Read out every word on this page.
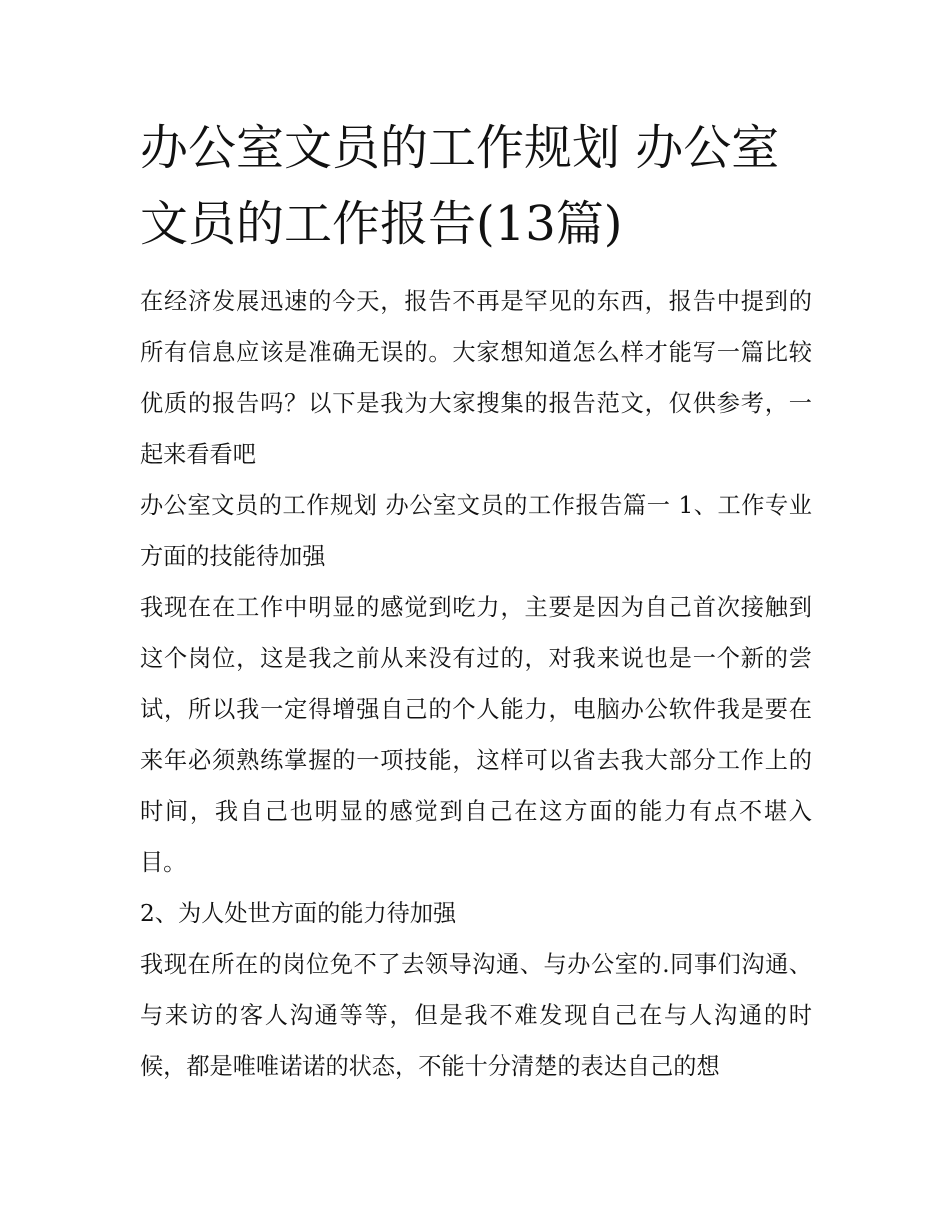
办公室文员的工作规划 办公室文员的工作报告(13篇)

在经济发展迅速的今天，报告不再是罕见的东西，报告中提到的所有信息应该是准确无误的。大家想知道怎么样才能写一篇比较优质的报告吗？以下是我为大家搜集的报告范文，仅供参考，一起来看看吧

办公室文员的工作规划 办公室文员的工作报告篇一 1、工作专业方面的技能待加强

我现在在工作中明显的感觉到吃力，主要是因为自己首次接触到这个岗位，这是我之前从来没有过的，对我来说也是一个新的尝试，所以我一定得增强自己的个人能力，电脑办公软件我是要在来年必须熟练掌握的一项技能，这样可以省去我大部分工作上的时间，我自己也明显的感觉到自己在这方面的能力有点不堪入目。

2、为人处世方面的能力待加强

我现在所在的岗位免不了去领导沟通、与办公室的.同事们沟通、与来访的客人沟通等等，但是我不难发现自己在与人沟通的时候，都是唯唯诺诺的状态，不能十分清楚的表达自己的想
